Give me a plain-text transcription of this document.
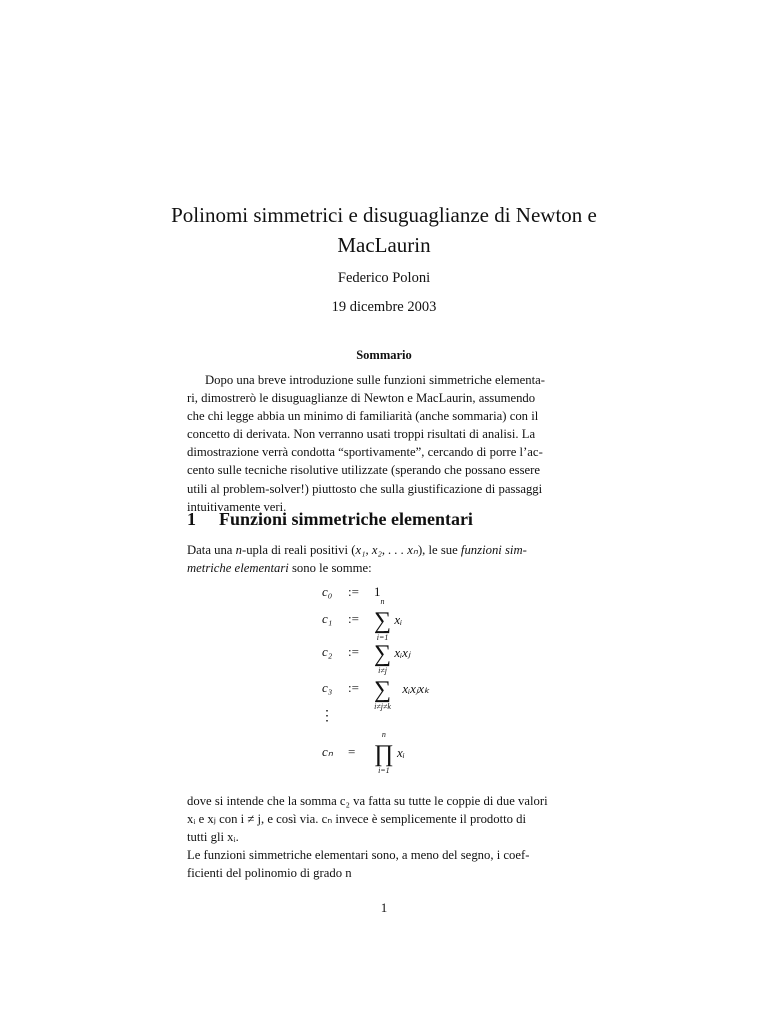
Polinomi simmetrici e disuguaglianze di Newton e
MacLaurin
Federico Poloni
19 dicembre 2003
Sommario
Dopo una breve introduzione sulle funzioni simmetriche elementa-
ri, dimostrerò le disuguaglianze di Newton e MacLaurin, assumendo
che chi legge abbia un minimo di familiarità (anche sommaria) con il
concetto di derivata. Non verranno usati troppi risultati di analisi. La
dimostrazione verrà condotta “sportivamente”, cercando di porre l’ac-
cento sulle tecniche risolutive utilizzate (sperando che possano essere
utili al problem-solver!) piuttosto che sulla giustificazione di passaggi
intuitivamente veri.
1 Funzioni simmetriche elementari
Data una n-upla di reali positivi (x₁, x₂, . . . xₙ), le sue funzioni sim-
metriche elementari sono le somme:
c₀ := 1
c₁ := ∑
n
i=1
xᵢ
c₂ := ∑
i≠j
xᵢxⱼ
c₃ := ∑
i≠j≠k
xᵢxⱼxₖ
⋮
cₙ = ∏
n
i=1
xᵢ
dove si intende che la somma c₂ va fatta su tutte le coppie di due valori
xᵢ e xⱼ con i ≠ j, e così via. cₙ invece è semplicemente il prodotto di
tutti gli xᵢ.
Le funzioni simmetriche elementari sono, a meno del segno, i coef-
ficienti del polinomio di grado n
1
